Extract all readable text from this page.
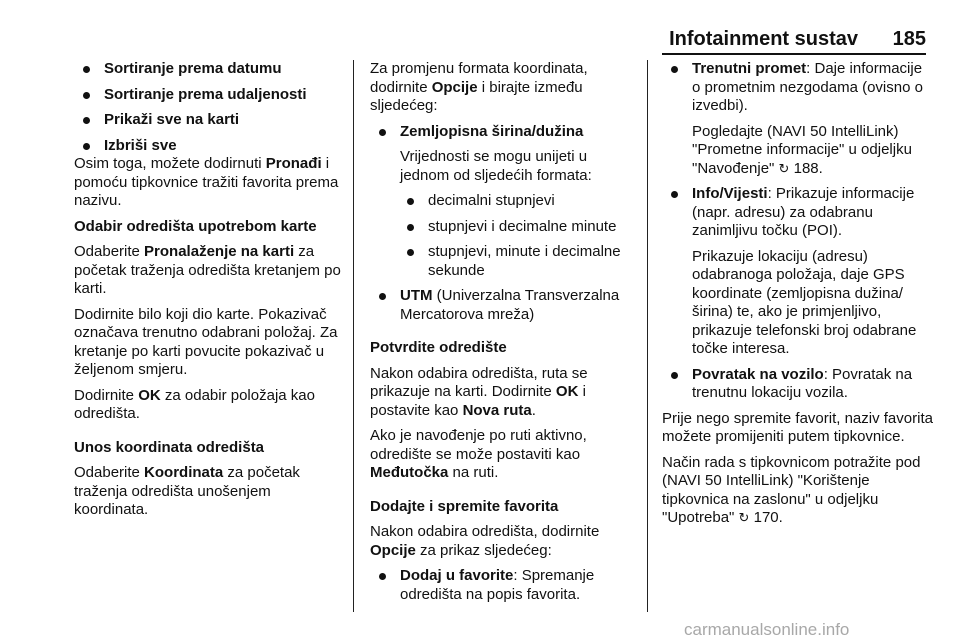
Infotainment sustav 185
Sortiranje prema datumu
Sortiranje prema udaljenosti
Prikaži sve na karti
Izbriši sve

Osim toga, možete dodirnuti Pronađi i pomoću tipkovnice tražiti favorita prema nazivu.

Odabir odredišta upotrebom karte

Odaberite Pronalaženje na karti za početak traženja odredišta kretanjem po karti.

Dodirnite bilo koji dio karte. Pokazivač označava trenutno odabrani položaj. Za kretanje po karti povucite pokazivač u željenom smjeru.

Dodirnite OK za odabir položaja kao odredišta.

Unos koordinata odredišta

Odaberite Koordinata za početak traženja odredišta unošenjem koordinata.

Za promjenu formata koordinata, dodirnite Opcije i birajte između sljedećeg:

Zemljopisna širina/dužina

Vrijednosti se mogu unijeti u jednom od sljedećih formata:

decimalni stupnjevi
stupnjevi i decimalne minute
stupnjevi, minute i decimalne sekunde
UTM (Univerzalna Transverzalna Mercatorova mreža)

Potvrdite odredište

Nakon odabira odredišta, ruta se prikazuje na karti. Dodirnite OK i postavite kao Nova ruta.

Ako je navođenje po ruti aktivno, odredište se može postaviti kao Međutočka na ruti.

Dodajte i spremite favorita

Nakon odabira odredišta, dodirnite Opcije za prikaz sljedećeg:

Dodaj u favorite: Spremanje odredišta na popis favorita.
Trenutni promet: Daje informacije o prometnim nezgodama (ovisno o izvedbi).

Pogledajte (NAVI 50 IntelliLink) "Prometne informacije" u odjeljku "Navođenje" ↻ 188.

Info/Vijesti: Prikazuje informacije (napr. adresu) za odabranu zanimljivu točku (POI).

Prikazuje lokaciju (adresu) odabranoga položaja, daje GPS koordinate (zemljopisna dužina/ širina) te, ako je primjenljivo, prikazuje telefonski broj odabrane točke interesa.

Povratak na vozilo: Povratak na trenutnu lokaciju vozila.

Prije nego spremite favorit, naziv favorita možete promijeniti putem tipkovnice.

Način rada s tipkovnicom potražite pod (NAVI 50 IntelliLink) "Korištenje tipkovnica na zaslonu" u odjeljku "Upotreba" ↻ 170.

carmanualsonline.info
